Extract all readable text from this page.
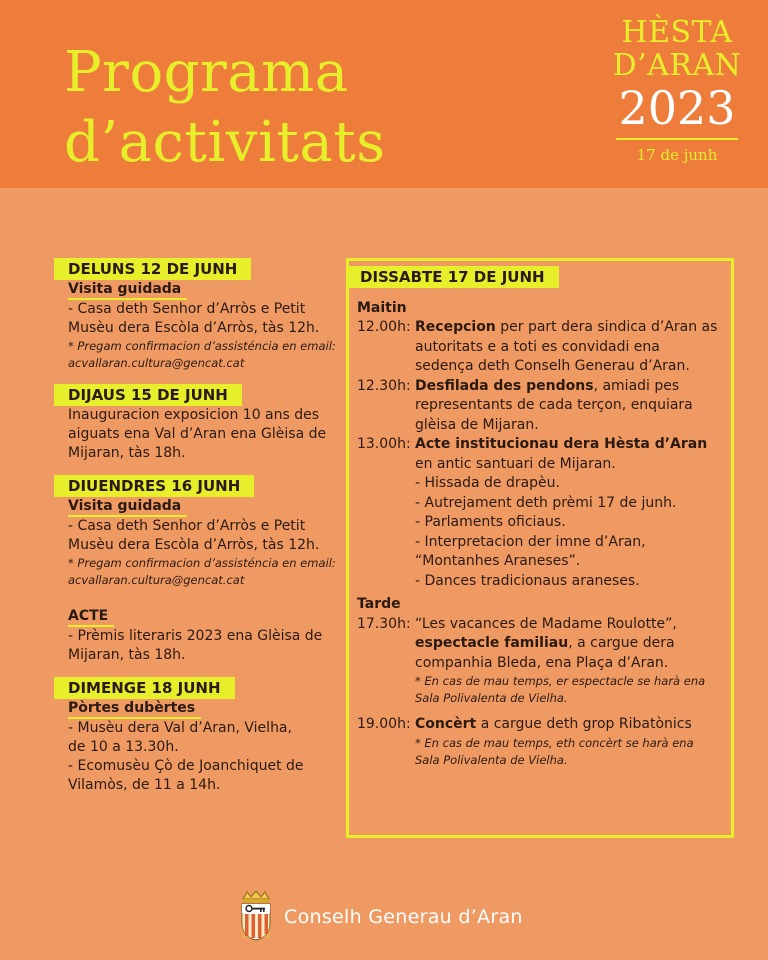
Programa
d’activitats
HÈSTA
D’ARAN
2023
17 de junh
DELUNS 12 DE JUNH
Visita guidada
- Casa deth Senhor d’Arròs e Petit
Musèu dera Escòla d’Arròs, tàs 12h.
* Pregam confirmacion d’assisténcia en email:
acvallaran.cultura@gencat.cat
DIJAUS 15 DE JUNH
Inauguracion exposicion 10 ans des
aiguats ena Val d’Aran ena Glèisa de
Mijaran, tàs 18h.
DIUENDRES 16 JUNH
Visita guidada
- Casa deth Senhor d’Arròs e Petit
Musèu dera Escòla d’Arròs, tàs 12h.
* Pregam confirmacion d’assisténcia en email:
acvallaran.cultura@gencat.cat
ACTE
- Prèmis literaris 2023 ena Glèisa de
Mijaran, tàs 18h.
DIMENGE 18 JUNH
Pòrtes dubèrtes
- Musèu dera Val d’Aran, Vielha,
de 10 a 13.30h.
- Ecomusèu Çò de Joanchiquet de
Vilamòs, de 11 a 14h.
DISSABTE 17 DE JUNH
Maitin
12.00h: Recepcion per part dera sindica d’Aran as autoritats e a toti es convidadi ena sedença deth Conselh Generau d’Aran.
12.30h: Desfilada des pendons, amiadi pes representants de cada terçon, enquiara glèisa de Mijaran.
13.00h: Acte institucionau dera Hèsta d’Aran en antic santuari de Mijaran.
- Hissada de drapèu.
- Autrejament deth prèmi 17 de junh.
- Parlaments oficiaus.
- Interpretacion der imne d’Aran, “Montanhes Araneses”.
- Dances tradicionaus araneses.
Tarde
17.30h: “Les vacances de Madame Roulotte”,
espectacle familiau, a cargue dera companhia Bleda, ena Plaça d’Aran.
* En cas de mau temps, er espectacle se harà ena Sala Polivalenta de Vielha.
19.00h: Concèrt a cargue deth grop Ribatònics
* En cas de mau temps, eth concèrt se harà ena Sala Polivalenta de Vielha.
Conselh Generau d’Aran
